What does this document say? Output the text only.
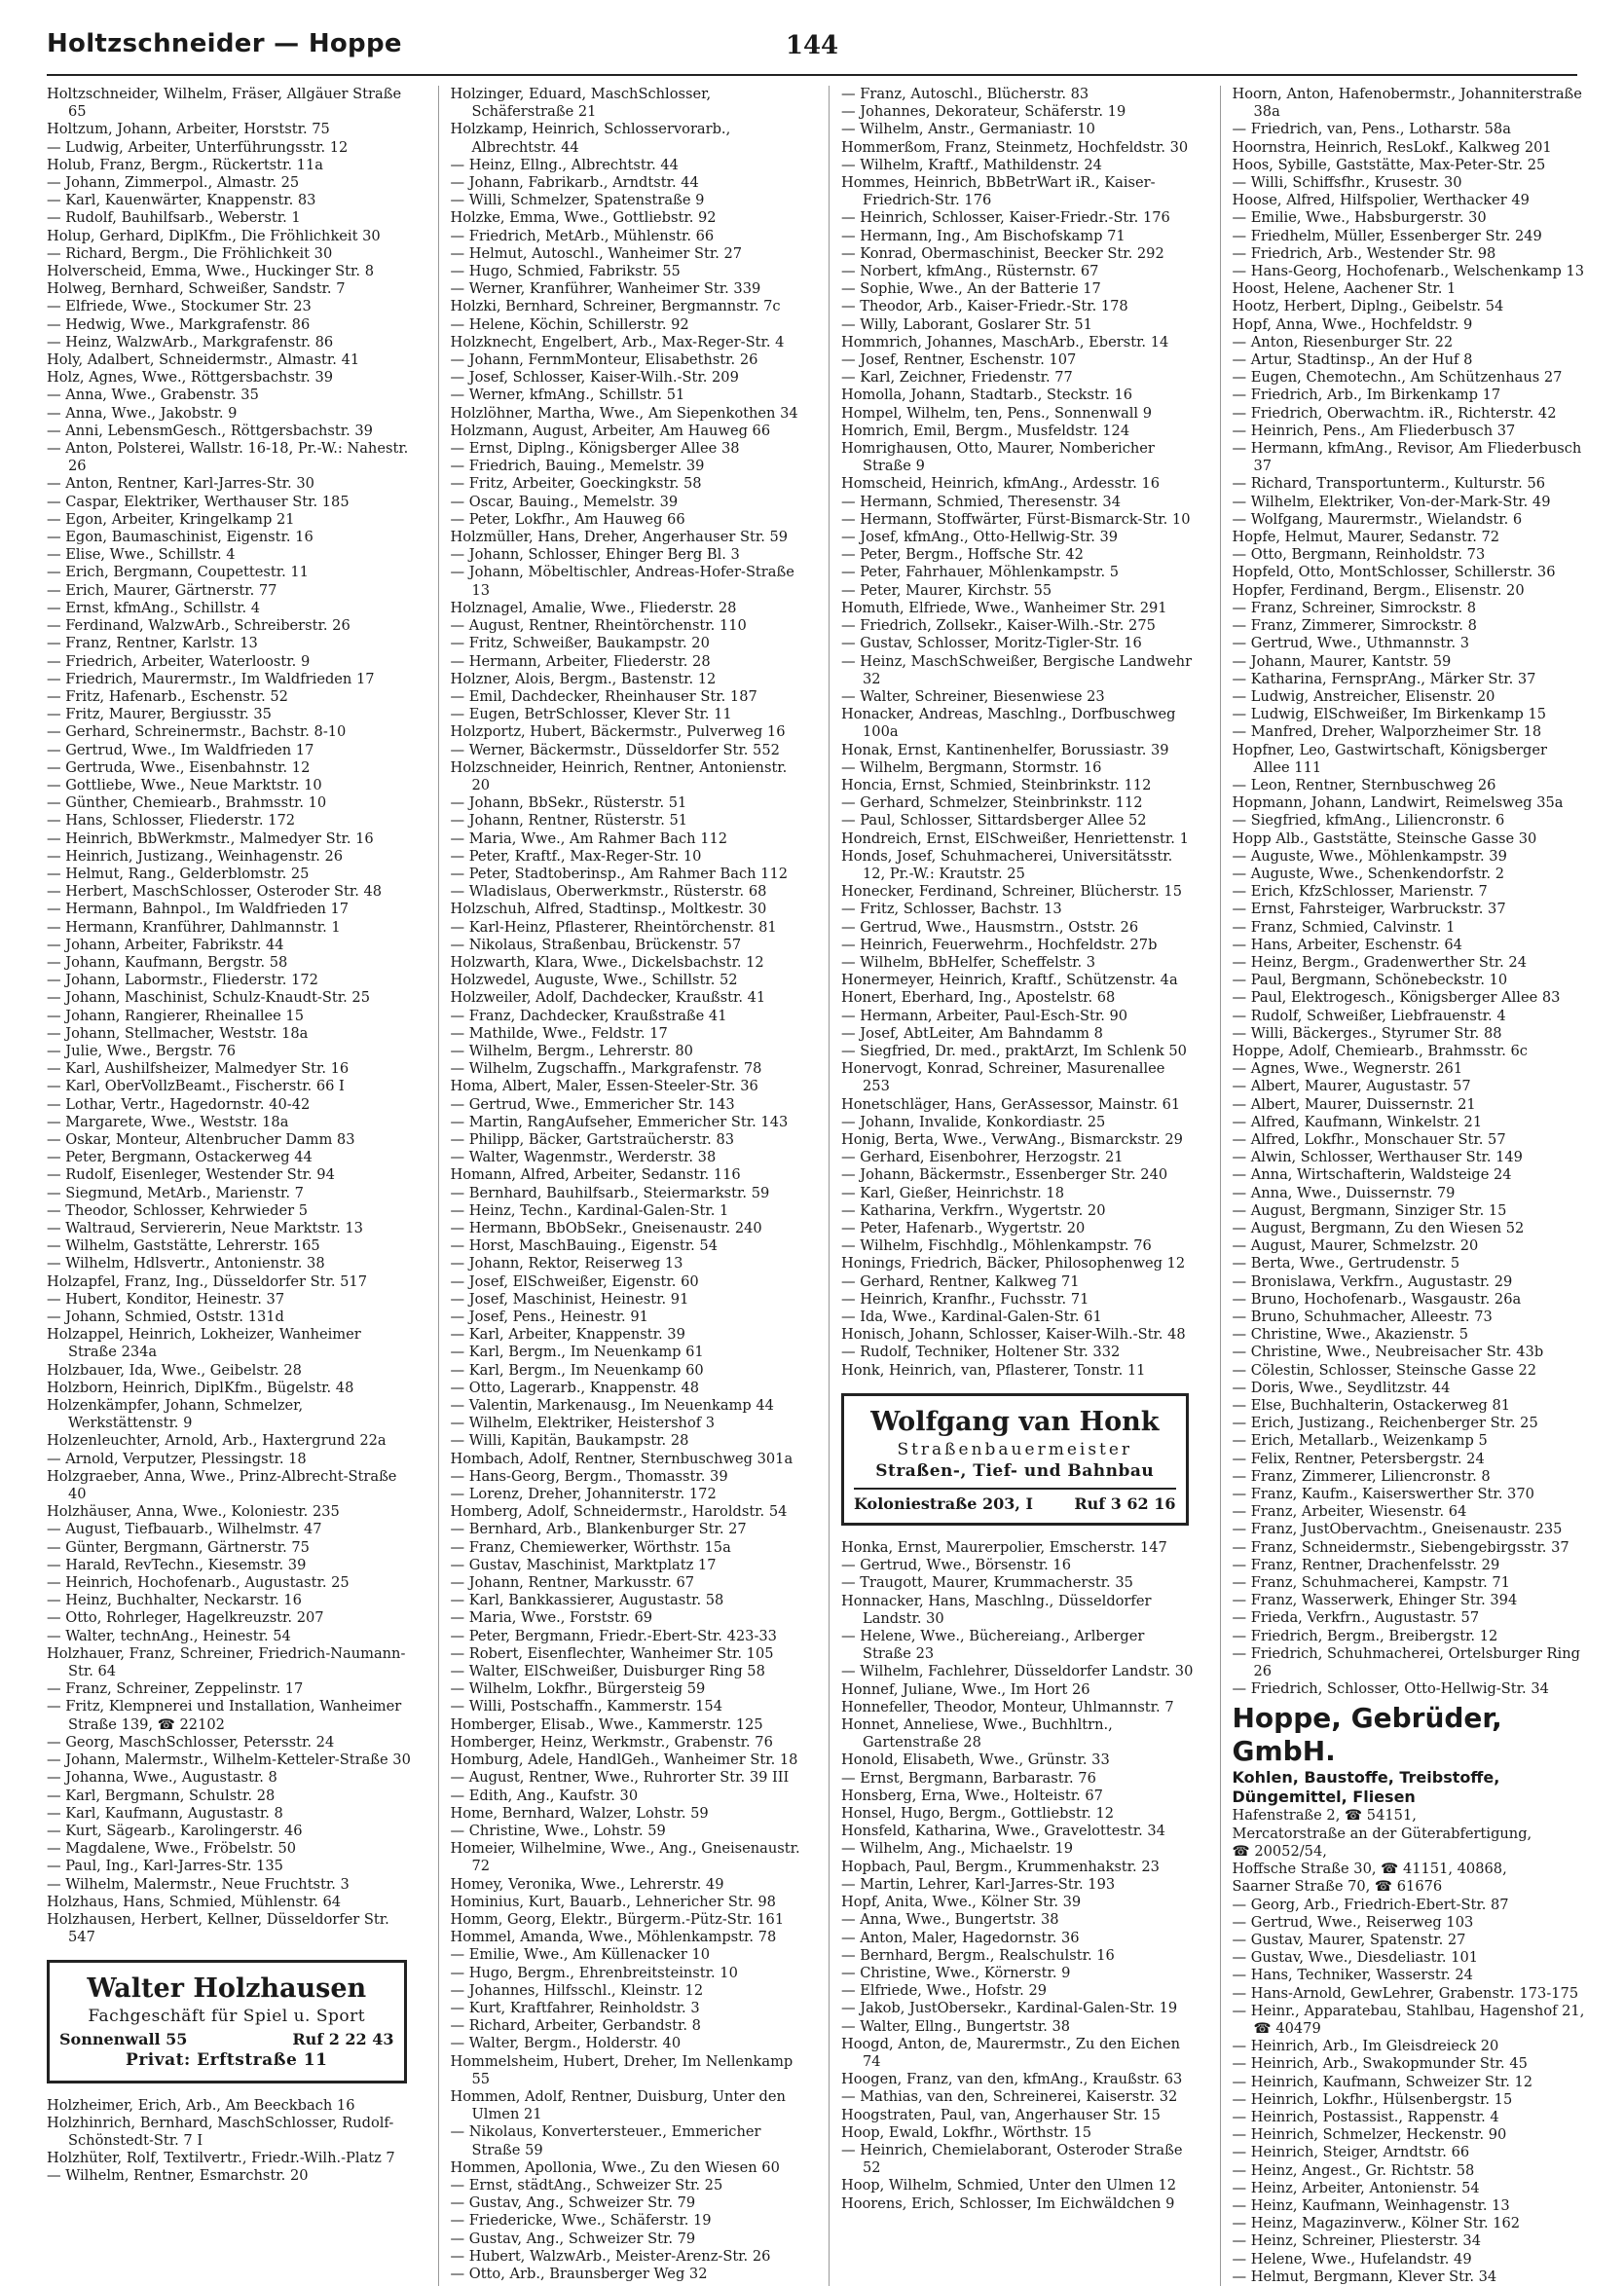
Holtzschneider — Hoppe	144
Holtzschneider, Wilhelm, Fräser, Allgäuer Straße 65
Holtzum, Johann, Arbeiter, Horststr. 75
— Ludwig, Arbeiter, Unterführungsstr. 12
Holub, Franz, Bergm., Rückertstr. 11a
— Johann, Zimmerpol., Almastr. 25
— Karl, Kauenwärter, Knappenstr. 83
— Rudolf, Bauhilfsarb., Weberstr. 1
Holup, Gerhard, DiplKfm., Die Fröhlichkeit 30
— Richard, Bergm., Die Fröhlichkeit 30
Holverscheid, Emma, Wwe., Huckinger Str. 8
Holweg, Bernhard, Schweißer, Sandstr. 7
— Elfriede, Wwe., Stockumer Str. 23
— Hedwig, Wwe., Markgrafenstr. 86
— Heinz, WalzwArb., Markgrafenstr. 86
Holy, Adalbert, Schneidermstr., Almastr. 41
Holz, Agnes, Wwe., Röttgersbachstr. 39
— Anna, Wwe., Grabenstr. 35
— Anna, Wwe., Jakobstr. 9
— Anni, LebensmGesch., Röttgersbachstr. 39
— Anton, Polsterei, Wallstr. 16-18, Pr.-W.: Nahestr. 26
— Anton, Rentner, Karl-Jarres-Str. 30
— Caspar, Elektriker, Werthauser Str. 185
— Egon, Arbeiter, Kringelkamp 21
— Egon, Baumaschinist, Eigenstr. 16
— Elise, Wwe., Schillstr. 4
— Erich, Bergmann, Coupettestr. 11
— Erich, Maurer, Gärtnerstr. 77
— Ernst, kfmAng., Schillstr. 4
— Ferdinand, WalzwArb., Schreiberstr. 26
— Franz, Rentner, Karlstr. 13
— Friedrich, Arbeiter, Waterloostr. 9
— Friedrich, Maurermstr., Im Waldfrieden 17
— Fritz, Hafenarb., Eschenstr. 52
— Fritz, Maurer, Bergiusstr. 35
— Gerhard, Schreinermstr., Bachstr. 8-10
— Gertrud, Wwe., Im Waldfrieden 17
— Gertruda, Wwe., Eisenbahnstr. 12
— Gottliebe, Wwe., Neue Marktstr. 10
— Günther, Chemiearb., Brahmsstr. 10
— Hans, Schlosser, Fliederstr. 172
— Heinrich, BbWerkmstr., Malmedyer Str. 16
— Heinrich, Justizang., Weinhagenstr. 26
— Helmut, Rang., Gelderblomstr. 25
— Herbert, MaschSchlosser, Osteroder Str. 48
— Hermann, Bahnpol., Im Waldfrieden 17
— Hermann, Kranführer, Dahlmannstr. 1
— Johann, Arbeiter, Fabrikstr. 44
— Johann, Kaufmann, Bergstr. 58
— Johann, Labormstr., Fliederstr. 172
— Johann, Maschinist, Schulz-Knaudt-Str. 25
— Johann, Rangierer, Rheinallee 15
— Johann, Stellmacher, Weststr. 18a
— Julie, Wwe., Bergstr. 76
— Karl, Aushilfsheizer, Malmedyer Str. 16
— Karl, OberVollzBeamt., Fischerstr. 66 I
— Lothar, Vertr., Hagedornstr. 40-42
— Margarete, Wwe., Weststr. 18a
— Oskar, Monteur, Altenbrucher Damm 83
— Peter, Bergmann, Ostackerweg 44
— Rudolf, Eisenleger, Westender Str. 94
— Siegmund, MetArb., Marienstr. 7
— Theodor, Schlosser, Kehrwieder 5
— Waltraud, Serviererin, Neue Marktstr. 13
— Wilhelm, Gaststätte, Lehrerstr. 165
— Wilhelm, Hdlsvertr., Antonienstr. 38
Holzapfel, Franz, Ing., Düsseldorfer Str. 517
— Hubert, Konditor, Heinestr. 37
— Johann, Schmied, Oststr. 131d
Holzappel, Heinrich, Lokheizer, Wanheimer Straße 234a
Holzbauer, Ida, Wwe., Geibelstr. 28
Holzborn, Heinrich, DiplKfm., Bügelstr. 48
Holzenkämpfer, Johann, Schmelzer, Werkstättenstr. 9
Holzenleuchter, Arnold, Arb., Haxtergrund 22a
— Arnold, Verputzer, Plessingstr. 18
Holzgraeber, Anna, Wwe., Prinz-Albrecht-Straße 40
Holzhäuser, Anna, Wwe., Koloniestr. 235
— August, Tiefbauarb., Wilhelmstr. 47
— Günter, Bergmann, Gärtnerstr. 75
— Harald, RevTechn., Kiesemstr. 39
— Heinrich, Hochofenarb., Augustastr. 25
— Heinz, Buchhalter, Neckarstr. 16
— Otto, Rohrleger, Hagelkreuzstr. 207
— Walter, technAng., Heinestr. 54
Holzhauer, Franz, Schreiner, Friedrich-Naumann-Str. 64
— Franz, Schreiner, Zeppelinstr. 17
— Fritz, Klempnerei und Installation, Wanheimer Straße 139, ☎ 22102
— Georg, MaschSchlosser, Petersstr. 24
— Johann, Malermstr., Wilhelm-Ketteler-Straße 30
— Johanna, Wwe., Augustastr. 8
— Karl, Bergmann, Schulstr. 28
— Karl, Kaufmann, Augustastr. 8
— Kurt, Sägearb., Karolingerstr. 46
— Magdalene, Wwe., Fröbelstr. 50
— Paul, Ing., Karl-Jarres-Str. 135
— Wilhelm, Malermstr., Neue Fruchtstr. 3
Holzhaus, Hans, Schmied, Mühlenstr. 64
Holzhausen, Herbert, Kellner, Düsseldorfer Str. 547
Walter Holzhausen
Fachgeschäft für Spiel u. Sport
Sonnenwall 55	Ruf 2 22 43
Privat: Erftstraße 11
Holzheimer, Erich, Arb., Am Beeckbach 16
Holzhinrich, Bernhard, MaschSchlosser, Rudolf-Schönstedt-Str. 7 I
Holzhüter, Rolf, Textilvertr., Friedr.-Wilh.-Platz 7
— Wilhelm, Rentner, Esmarchstr. 20
Holzinger, Eduard, MaschSchlosser, Schäferstraße 21
Holzkamp, Heinrich, Schlosservorarb., Albrechtstr. 44
— Heinz, Ellng., Albrechtstr. 44
— Johann, Fabrikarb., Arndtstr. 44
— Willi, Schmelzer, Spatenstraße 9
Holzke, Emma, Wwe., Gottliebstr. 92
— Friedrich, MetArb., Mühlenstr. 66
— Helmut, Autoschl., Wanheimer Str. 27
— Hugo, Schmied, Fabrikstr. 55
— Werner, Kranführer, Wanheimer Str. 339
Holzki, Bernhard, Schreiner, Bergmannstr. 7c
— Helene, Köchin, Schillerstr. 92
Holzknecht, Engelbert, Arb., Max-Reger-Str. 4
— Johann, FernmMonteur, Elisabethstr. 26
— Josef, Schlosser, Kaiser-Wilh.-Str. 209
— Werner, kfmAng., Schillstr. 51
Holzlöhner, Martha, Wwe., Am Siepenkothen 34
Holzmann, August, Arbeiter, Am Hauweg 66
— Ernst, Diplng., Königsberger Allee 38
— Friedrich, Bauing., Memelstr. 39
— Fritz, Arbeiter, Goeckingkstr. 58
— Oscar, Bauing., Memelstr. 39
— Peter, Lokfhr., Am Hauweg 66
Holzmüller, Hans, Dreher, Angerhauser Str. 59
— Johann, Schlosser, Ehinger Berg Bl. 3
— Johann, Möbeltischler, Andreas-Hofer-Straße 13
Holznagel, Amalie, Wwe., Fliederstr. 28
— August, Rentner, Rheintörchenstr. 110
— Fritz, Schweißer, Baukampstr. 20
— Hermann, Arbeiter, Fliederstr. 28
Holzner, Alois, Bergm., Bastenstr. 12
— Emil, Dachdecker, Rheinhauser Str. 187
— Eugen, BetrSchlosser, Klever Str. 11
Holzportz, Hubert, Bäckermstr., Pulverweg 16
— Werner, Bäckermstr., Düsseldorfer Str. 552
Holzschneider, Heinrich, Rentner, Antonienstr. 20
— Johann, BbSekr., Rüsterstr. 51
— Johann, Rentner, Rüsterstr. 51
— Maria, Wwe., Am Rahmer Bach 112
— Peter, Kraftf., Max-Reger-Str. 10
— Peter, Stadtoberinsp., Am Rahmer Bach 112
— Wladislaus, Oberwerkmstr., Rüsterstr. 68
Holzschuh, Alfred, Stadtinsp., Moltkestr. 30
— Karl-Heinz, Pflasterer, Rheintörchenstr. 81
— Nikolaus, Straßenbau, Brückenstr. 57
Holzwarth, Klara, Wwe., Dickelsbachstr. 12
Holzwedel, Auguste, Wwe., Schillstr. 52
Holzweiler, Adolf, Dachdecker, Kraußstr. 41
— Franz, Dachdecker, Kraußstraße 41
— Mathilde, Wwe., Feldstr. 17
— Wilhelm, Bergm., Lehrerstr. 80
— Wilhelm, Zugschaffn., Markgrafenstr. 78
Homa, Albert, Maler, Essen-Steeler-Str. 36
— Gertrud, Wwe., Emmericher Str. 143
— Martin, RangAufseher, Emmericher Str. 143
— Philipp, Bäcker, Gartstraücherstr. 83
— Walter, Wagenmstr., Werderstr. 38
Homann, Alfred, Arbeiter, Sedanstr. 116
— Bernhard, Bauhilfsarb., Steiermarkstr. 59
— Heinz, Techn., Kardinal-Galen-Str. 1
— Hermann, BbObSekr., Gneisenaustr. 240
— Horst, MaschBauing., Eigenstr. 54
— Johann, Rektor, Reiserweg 13
— Josef, ElSchweißer, Eigenstr. 60
— Josef, Maschinist, Heinestr. 91
— Josef, Pens., Heinestr. 91
— Karl, Arbeiter, Knappenstr. 39
— Karl, Bergm., Im Neuenkamp 61
— Karl, Bergm., Im Neuenkamp 60
— Otto, Lagerarb., Knappenstr. 48
— Valentin, Markenausg., Im Neuenkamp 44
— Wilhelm, Elektriker, Heistershof 3
— Willi, Kapitän, Baukampstr. 28
Hombach, Adolf, Rentner, Sternbuschweg 301a
— Hans-Georg, Bergm., Thomasstr. 39
— Lorenz, Dreher, Johanniterstr. 172
Homberg, Adolf, Schneidermstr., Haroldstr. 54
— Bernhard, Arb., Blankenburger Str. 27
— Franz, Chemiewerker, Wörthstr. 15a
— Gustav, Maschinist, Marktplatz 17
— Johann, Rentner, Markusstr. 67
— Karl, Bankkassierer, Augustastr. 58
— Maria, Wwe., Forststr. 69
— Peter, Bergmann, Friedr.-Ebert-Str. 423-33
— Robert, Eisenflechter, Wanheimer Str. 105
— Walter, ElSchweißer, Duisburger Ring 58
— Wilhelm, Lokfhr., Bürgersteig 59
— Willi, Postschaffn., Kammerstr. 154
Homberger, Elisab., Wwe., Kammerstr. 125
Homberger, Heinz, Werkmstr., Grabenstr. 76
Homburg, Adele, HandlGeh., Wanheimer Str. 18
— August, Rentner, Wwe., Ruhrorter Str. 39 III
— Edith, Ang., Kaufstr. 30
Home, Bernhard, Walzer, Lohstr. 59
— Christine, Wwe., Lohstr. 59
Homeier, Wilhelmine, Wwe., Ang., Gneisenaustr. 72
Homey, Veronika, Wwe., Lehrerstr. 49
Hominius, Kurt, Bauarb., Lehnericher Str. 98
Homm, Georg, Elektr., Bürgerm.-Pütz-Str. 161
Hommel, Amanda, Wwe., Möhlenkampstr. 78
— Emilie, Wwe., Am Küllenacker 10
— Hugo, Bergm., Ehrenbreitsteinstr. 10
— Johannes, Hilfsschl., Kleinstr. 12
— Kurt, Kraftfahrer, Reinholdstr. 3
— Richard, Arbeiter, Gerbandstr. 8
— Walter, Bergm., Holderstr. 40
Hommelsheim, Hubert, Dreher, Im Nellenkamp 55
Hommen, Adolf, Rentner, Duisburg, Unter den Ulmen 21
— Nikolaus, Konvertersteuer., Emmericher Straße 59
Hommen, Apollonia, Wwe., Zu den Wiesen 60
— Ernst, städtAng., Schweizer Str. 25
— Gustav, Ang., Schweizer Str. 79
— Friedericke, Wwe., Schäferstr. 19
— Gustav, Ang., Schweizer Str. 79
— Hubert, WalzwArb., Meister-Arenz-Str. 26
— Otto, Arb., Braunsberger Weg 32
— Franz, Autoschl., Blücherstr. 83
— Johannes, Dekorateur, Schäferstr. 19
— Wilhelm, Anstr., Germaniastr. 10
Hommerßom, Franz, Steinmetz, Hochfeldstr. 30
— Wilhelm, Kraftf., Mathildenstr. 24
Hommes, Heinrich, BbBetrWart iR., Kaiser-Friedrich-Str. 176
— Heinrich, Schlosser, Kaiser-Friedr.-Str. 176
— Hermann, Ing., Am Bischofskamp 71
— Konrad, Obermaschinist, Beecker Str. 292
— Norbert, kfmAng., Rüsternstr. 67
— Sophie, Wwe., An der Batterie 17
— Theodor, Arb., Kaiser-Friedr.-Str. 178
— Willy, Laborant, Goslarer Str. 51
Hommrich, Johannes, MaschArb., Eberstr. 14
— Josef, Rentner, Eschenstr. 107
— Karl, Zeichner, Friedenstr. 77
Homolla, Johann, Stadtarb., Steckstr. 16
Hompel, Wilhelm, ten, Pens., Sonnenwall 9
Homrich, Emil, Bergm., Musfeldstr. 124
Homrighausen, Otto, Maurer, Nombericher Straße 9
Homscheid, Heinrich, kfmAng., Ardesstr. 16
— Hermann, Schmied, Theresenstr. 34
— Hermann, Stoffwärter, Fürst-Bismarck-Str. 10
— Josef, kfmAng., Otto-Hellwig-Str. 39
— Peter, Bergm., Hoffsche Str. 42
— Peter, Fahrhauer, Möhlenkampstr. 5
— Peter, Maurer, Kirchstr. 55
Homuth, Elfriede, Wwe., Wanheimer Str. 291
— Friedrich, Zollsekr., Kaiser-Wilh.-Str. 275
— Gustav, Schlosser, Moritz-Tigler-Str. 16
— Heinz, MaschSchweißer, Bergische Landwehr 32
— Walter, Schreiner, Biesenwiese 23
Honacker, Andreas, Maschlng., Dorfbuschweg 100a
Honak, Ernst, Kantinenhelfer, Borussiastr. 39
— Wilhelm, Bergmann, Stormstr. 16
Honcia, Ernst, Schmied, Steinbrinkstr. 112
— Gerhard, Schmelzer, Steinbrinkstr. 112
— Paul, Schlosser, Sittardsberger Allee 52
Hondreich, Ernst, ElSchweißer, Henriettenstr. 1
Honds, Josef, Schuhmacherei, Universitätsstr. 12, Pr.-W.: Krautstr. 25
Honecker, Ferdinand, Schreiner, Blücherstr. 15
— Fritz, Schlosser, Bachstr. 13
— Gertrud, Wwe., Hausmstrn., Oststr. 26
— Heinrich, Feuerwehrm., Hochfeldstr. 27b
— Wilhelm, BbHelfer, Scheffelstr. 3
Honermeyer, Heinrich, Kraftf., Schützenstr. 4a
Honert, Eberhard, Ing., Apostelstr. 68
— Hermann, Arbeiter, Paul-Esch-Str. 90
— Josef, AbtLeiter, Am Bahndamm 8
— Siegfried, Dr. med., praktArzt, Im Schlenk 50
Honervogt, Konrad, Schreiner, Masurenallee 253
Honetschläger, Hans, GerAssessor, Mainstr. 61
— Johann, Invalide, Konkordiastr. 25
Honig, Berta, Wwe., VerwAng., Bismarckstr. 29
— Gerhard, Eisenbohrer, Herzogstr. 21
— Johann, Bäckermstr., Essenberger Str. 240
— Karl, Gießer, Heinrichstr. 18
— Katharina, Verkfrn., Wygertstr. 20
— Peter, Hafenarb., Wygertstr. 20
— Wilhelm, Fischhdlg., Möhlenkampstr. 76
Honings, Friedrich, Bäcker, Philosophenweg 12
— Gerhard, Rentner, Kalkweg 71
— Heinrich, Kranfhr., Fuchsstr. 71
— Ida, Wwe., Kardinal-Galen-Str. 61
Honisch, Johann, Schlosser, Kaiser-Wilh.-Str. 48
— Rudolf, Techniker, Holtener Str. 332
Honk, Heinrich, van, Pflasterer, Tonstr. 11
Wolfgang van Honk
Straßenbauermeister
Straßen-, Tief- und Bahnbau
Koloniestraße 203, I	Ruf 3 62 16
Honka, Ernst, Maurerpolier, Emscherstr. 147
— Gertrud, Wwe., Börsenstr. 16
— Traugott, Maurer, Krummacherstr. 35
Honnacker, Hans, Maschlng., Düsseldorfer Landstr. 30
— Helene, Wwe., Büchereiang., Arlberger Straße 23
— Wilhelm, Fachlehrer, Düsseldorfer Landstr. 30
Honnef, Juliane, Wwe., Im Hort 26
Honnefeller, Theodor, Monteur, Uhlmannstr. 7
Honnet, Anneliese, Wwe., Buchhltrn., Gartenstraße 28
Honold, Elisabeth, Wwe., Grünstr. 33
— Ernst, Bergmann, Barbarastr. 76
Honsberg, Erna, Wwe., Holteistr. 67
Honsel, Hugo, Bergm., Gottliebstr. 12
Honsfeld, Katharina, Wwe., Gravelottestr. 34
— Wilhelm, Ang., Michaelstr. 19
Hopbach, Paul, Bergm., Krummenhakstr. 23
— Martin, Lehrer, Karl-Jarres-Str. 193
Hopf, Anita, Wwe., Kölner Str. 39
— Anna, Wwe., Bungertstr. 38
— Anton, Maler, Hagedornstr. 36
— Bernhard, Bergm., Realschulstr. 16
— Christine, Wwe., Körnerstr. 9
— Elfriede, Wwe., Hofstr. 29
— Jakob, JustObersekr., Kardinal-Galen-Str. 19
— Walter, Ellng., Bungertstr. 38
Hoogd, Anton, de, Maurermstr., Zu den Eichen 74
Hoogen, Franz, van den, kfmAng., Kraußstr. 63
— Mathias, van den, Schreinerei, Kaiserstr. 32
Hoogstraten, Paul, van, Angerhauser Str. 15
Hoop, Ewald, Lokfhr., Wörthstr. 15
— Heinrich, Chemielaborant, Osteroder Straße 52
Hoop, Wilhelm, Schmied, Unter den Ulmen 12
Hoorens, Erich, Schlosser, Im Eichwäldchen 9
Hoorn, Anton, Hafenobermstr., Johanniterstraße 38a
— Friedrich, van, Pens., Lotharstr. 58a
Hoornstra, Heinrich, ResLokf., Kalkweg 201
Hoos, Sybille, Gaststätte, Max-Peter-Str. 25
— Willi, Schiffsfhr., Krusestr. 30
Hoose, Alfred, Hilfspolier, Werthacker 49
— Emilie, Wwe., Habsburgerstr. 30
— Friedhelm, Müller, Essenberger Str. 249
— Friedrich, Arb., Westender Str. 98
— Hans-Georg, Hochofenarb., Welschenkamp 13
Hoost, Helene, Aachener Str. 1
Hootz, Herbert, Diplng., Geibelstr. 54
Hopf, Anna, Wwe., Hochfeldstr. 9
— Anton, Riesenburger Str. 22
— Artur, Stadtinsp., An der Huf 8
— Eugen, Chemotechn., Am Schützenhaus 27
— Friedrich, Arb., Im Birkenkamp 17
— Friedrich, Oberwachtm. iR., Richterstr. 42
— Heinrich, Pens., Am Fliederbusch 37
— Hermann, kfmAng., Revisor, Am Fliederbusch 37
— Richard, Transportunterm., Kulturstr. 56
— Wilhelm, Elektriker, Von-der-Mark-Str. 49
— Wolfgang, Maurermstr., Wielandstr. 6
Hopfe, Helmut, Maurer, Sedanstr. 72
— Otto, Bergmann, Reinholdstr. 73
Hopfeld, Otto, MontSchlosser, Schillerstr. 36
Hopfer, Ferdinand, Bergm., Elisenstr. 20
— Franz, Schreiner, Simrockstr. 8
— Franz, Zimmerer, Simrockstr. 8
— Gertrud, Wwe., Uthmannstr. 3
— Johann, Maurer, Kantstr. 59
— Katharina, FernsprAng., Märker Str. 37
— Ludwig, Anstreicher, Elisenstr. 20
— Ludwig, ElSchweißer, Im Birkenkamp 15
— Manfred, Dreher, Walporzheimer Str. 18
Hopfner, Leo, Gastwirtschaft, Königsberger Allee 111
— Leon, Rentner, Sternbuschweg 26
Hopmann, Johann, Landwirt, Reimelsweg 35a
— Siegfried, kfmAng., Liliencronstr. 6
Hopp Alb., Gaststätte, Steinsche Gasse 30
— Auguste, Wwe., Möhlenkampstr. 39
— Auguste, Wwe., Schenkendorfstr. 2
— Erich, KfzSchlosser, Marienstr. 7
— Ernst, Fahrsteiger, Warbruckstr. 37
— Franz, Schmied, Calvinstr. 1
— Hans, Arbeiter, Eschenstr. 64
— Heinz, Bergm., Gradenwerther Str. 24
— Paul, Bergmann, Schönebeckstr. 10
— Paul, Elektrogesch., Königsberger Allee 83
— Rudolf, Schweißer, Liebfrauenstr. 4
— Willi, Bäckerges., Styrumer Str. 88
Hoppe, Adolf, Chemiearb., Brahmsstr. 6c
— Agnes, Wwe., Wegnerstr. 261
— Albert, Maurer, Augustastr. 57
— Albert, Maurer, Duissernstr. 21
— Alfred, Kaufmann, Winkelstr. 21
— Alfred, Lokfhr., Monschauer Str. 57
— Alwin, Schlosser, Werthauser Str. 149
— Anna, Wirtschafterin, Waldsteige 24
— Anna, Wwe., Duissernstr. 79
— August, Bergmann, Sinziger Str. 15
— August, Bergmann, Zu den Wiesen 52
— August, Maurer, Schmelzstr. 20
— Berta, Wwe., Gertrudenstr. 5
— Bronislawa, Verkfrn., Augustastr. 29
— Bruno, Hochofenarb., Wasgaustr. 26a
— Bruno, Schuhmacher, Alleestr. 73
— Christine, Wwe., Akazienstr. 5
— Christine, Wwe., Neubreisacher Str. 43b
— Cölestin, Schlosser, Steinsche Gasse 22
— Doris, Wwe., Seydlitzstr. 44
— Else, Buchhalterin, Ostackerweg 81
— Erich, Justizang., Reichenberger Str. 25
— Erich, Metallarb., Weizenkamp 5
— Felix, Rentner, Petersbergstr. 24
— Franz, Zimmerer, Liliencronstr. 8
— Franz, Kaufm., Kaiserswerther Str. 370
— Franz, Arbeiter, Wiesenstr. 64
— Franz, JustObervachtm., Gneisenaustr. 235
— Franz, Schneidermstr., Siebengebirgsstr. 37
— Franz, Rentner, Drachenfelsstr. 29
— Franz, Schuhmacherei, Kampstr. 71
— Franz, Wasserwerk, Ehinger Str. 394
— Frieda, Verkfrn., Augustastr. 57
— Friedrich, Bergm., Breibergstr. 12
— Friedrich, Schuhmacherei, Ortelsburger Ring 26
— Friedrich, Schlosser, Otto-Hellwig-Str. 34
Hoppe, Gebrüder, GmbH.
Kohlen, Baustoffe, Treibstoffe,
Düngemittel, Fliesen
Hafenstraße 2, ☎ 54151,
Mercatorstraße an der Güterabfertigung,
☎ 20052/54,
Hoffsche Straße 30, ☎ 41151, 40868,
Saarner Straße 70, ☎ 61676
— Georg, Arb., Friedrich-Ebert-Str. 87
— Gertrud, Wwe., Reiserweg 103
— Gustav, Maurer, Spatenstr. 27
— Gustav, Wwe., Diesdeliastr. 101
— Hans, Techniker, Wasserstr. 24
— Hans-Arnold, GewLehrer, Grabenstr. 173-175
— Heinr., Apparatebau, Stahlbau, Hagenshof 21, ☎ 40479
— Heinrich, Arb., Im Gleisdreieck 20
— Heinrich, Arb., Swakopmunder Str. 45
— Heinrich, Kaufmann, Schweizer Str. 12
— Heinrich, Lokfhr., Hülsenbergstr. 15
— Heinrich, Postassist., Rappenstr. 4
— Heinrich, Schmelzer, Heckenstr. 90
— Heinrich, Steiger, Arndtstr. 66
— Heinz, Angest., Gr. Richtstr. 58
— Heinz, Arbeiter, Antonienstr. 54
— Heinz, Kaufmann, Weinhagenstr. 13
— Heinz, Magazinverw., Kölner Str. 162
— Heinz, Schreiner, Pliesterstr. 34
— Helene, Wwe., Hufelandstr. 49
— Helmut, Bergmann, Klever Str. 34
